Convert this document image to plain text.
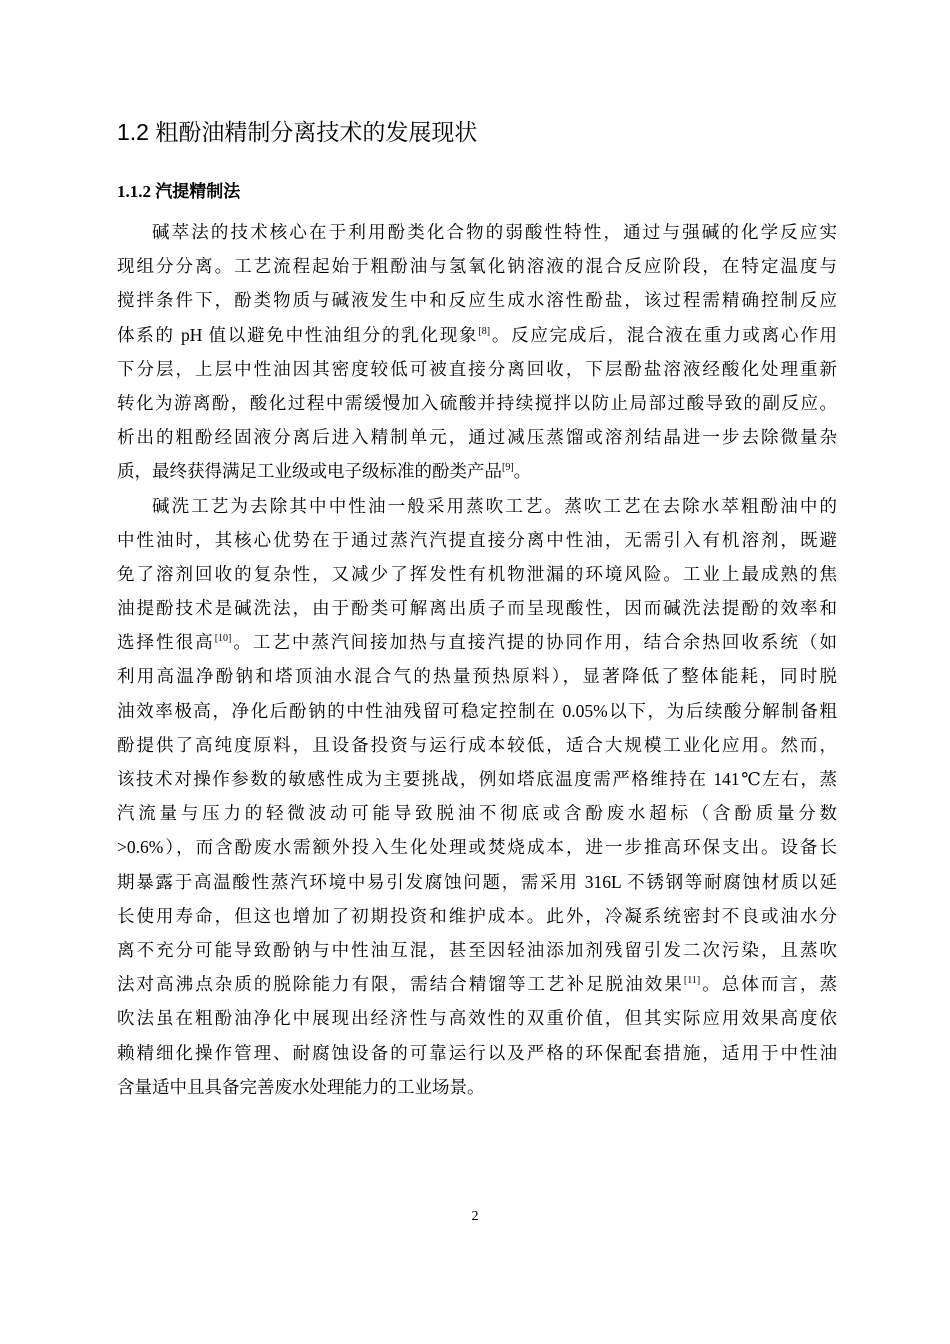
1.2 粗酚油精制分离技术的发展现状
1.1.2 汽提精制法

碱萃法的技术核心在于利用酚类化合物的弱酸性特性，通过与强碱的化学反应实
现组分分离。工艺流程起始于粗酚油与氢氧化钠溶液的混合反应阶段，在特定温度与
搅拌条件下，酚类物质与碱液发生中和反应生成水溶性酚盐，该过程需精确控制反应
体系的 pH 值以避免中性油组分的乳化现象[8]。反应完成后，混合液在重力或离心作用
下分层，上层中性油因其密度较低可被直接分离回收，下层酚盐溶液经酸化处理重新
转化为游离酚，酸化过程中需缓慢加入硫酸并持续搅拌以防止局部过酸导致的副反应。
析出的粗酚经固液分离后进入精制单元，通过减压蒸馏或溶剂结晶进一步去除微量杂
质，最终获得满足工业级或电子级标准的酚类产品[9]。

碱洗工艺为去除其中中性油一般采用蒸吹工艺。蒸吹工艺在去除水萃粗酚油中的
中性油时，其核心优势在于通过蒸汽汽提直接分离中性油，无需引入有机溶剂，既避
免了溶剂回收的复杂性，又减少了挥发性有机物泄漏的环境风险。工业上最成熟的焦
油提酚技术是碱洗法，由于酚类可解离出质子而呈现酸性，因而碱洗法提酚的效率和
选择性很高[10]。工艺中蒸汽间接加热与直接汽提的协同作用，结合余热回收系统（如
利用高温净酚钠和塔顶油水混合气的热量预热原料），显著降低了整体能耗，同时脱
油效率极高，净化后酚钠的中性油残留可稳定控制在 0.05%以下，为后续酸分解制备粗
酚提供了高纯度原料，且设备投资与运行成本较低，适合大规模工业化应用。然而，
该技术对操作参数的敏感性成为主要挑战，例如塔底温度需严格维持在 141℃左右，蒸
汽流量与压力的轻微波动可能导致脱油不彻底或含酚废水超标（含酚质量分数
>0.6%），而含酚废水需额外投入生化处理或焚烧成本，进一步推高环保支出。设备长
期暴露于高温酸性蒸汽环境中易引发腐蚀问题，需采用 316L 不锈钢等耐腐蚀材质以延
长使用寿命，但这也增加了初期投资和维护成本。此外，冷凝系统密封不良或油水分
离不充分可能导致酚钠与中性油互混，甚至因轻油添加剂残留引发二次污染，且蒸吹
法对高沸点杂质的脱除能力有限，需结合精馏等工艺补足脱油效果[11]。总体而言，蒸
吹法虽在粗酚油净化中展现出经济性与高效性的双重价值，但其实际应用效果高度依
赖精细化操作管理、耐腐蚀设备的可靠运行以及严格的环保配套措施，适用于中性油
含量适中且具备完善废水处理能力的工业场景。

2
